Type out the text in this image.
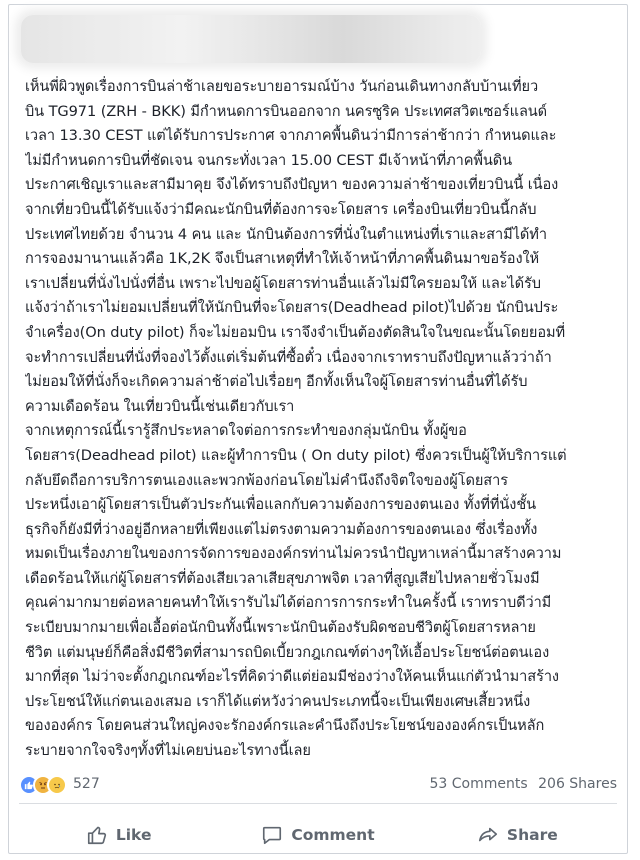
เห็นพี่ผิวพูดเรื่องการบินล่าช้าเลยขอระบายอารมณ์บ้าง วันก่อนเดินทางกลับบ้านเที่ยว
บิน TG971 (ZRH - BKK) มีกำหนดการบินออกจาก นครซูริค ประเทศสวิตเซอร์แลนด์
เวลา 13.30 CEST แต่ได้รับการประกาศ จากภาคพื้นดินว่ามีการล่าช้ากว่า กำหนดและ
ไม่มีกำหนดการบินที่ชัดเจน จนกระทั่งเวลา 15.00 CEST มีเจ้าหน้าที่ภาคพื้นดิน
ประกาศเชิญเราและสามีมาคุย จึงได้ทราบถึงปัญหา ของความล่าช้าของเที่ยวบินนี้ เนื่อง
จากเที่ยวบินนี้ได้รับแจ้งว่ามีคณะนักบินที่ต้องการจะโดยสาร เครื่องบินเที่ยวบินนี้กลับ
ประเทศไทยด้วย จำนวน 4 คน และ นักบินต้องการที่นั่งในตำแหน่งที่เราและสามีได้ทำ
การจองมานานแล้วคือ 1K,2K จึงเป็นสาเหตุที่ทำให้เจ้าหน้าที่ภาคพื้นดินมาขอร้องให้
เราเปลี่ยนที่นั่งไปนั่งที่อื่น เพราะไปขอผู้โดยสารท่านอื่นแล้วไม่มีใครยอมให้ และได้รับ
แจ้งว่าถ้าเราไม่ยอมเปลี่ยนที่ให้นักบินที่จะโดยสาร(Deadhead pilot)ไปด้วย นักบินประ
จำเครื่อง(On duty pilot) ก็จะไม่ยอมบิน เราจึงจำเป็นต้องตัดสินใจในขณะนั้นโดยยอมที่
จะทำการเปลี่ยนที่นั่งที่จองไว้ตั้งแต่เริ่มต้นที่ซื้อตั๋ว เนื่องจากเราทราบถึงปัญหาแล้วว่าถ้า
ไม่ยอมให้ที่นั่งก็จะเกิดความล่าช้าต่อไปเรื่อยๆ อีกทั้งเห็นใจผู้โดยสารท่านอื่นที่ได้รับ
ความเดือดร้อน ในเที่ยวบินนี้เช่นเดียวกับเรา
จากเหตุการณ์นี้เรารู้สึกประหลาดใจต่อการกระทำของกลุ่มนักบิน ทั้งผู้ขอ
โดยสาร(Deadhead pilot) และผู้ทำการบิน ( On duty pilot) ซึ่งควรเป็นผู้ให้บริการแต่
กลับยึดถือการบริการตนเองและพวกพ้องก่อนโดยไม่คำนึงถึงจิตใจของผู้โดยสาร
ประหนึ่งเอาผู้โดยสารเป็นตัวประกันเพื่อแลกกับความต้องการของตนเอง ทั้งที่ที่นั่งชั้น
ธุรกิจก็ยังมีที่ว่างอยู่อีกหลายที่เพียงแต่ไม่ตรงตามความต้องการของตนเอง ซึ่งเรื่องทั้ง
หมดเป็นเรื่องภายในของการจัดการขององค์กรท่านไม่ควรนำปัญหาเหล่านี้มาสร้างความ
เดือดร้อนให้แก่ผู้โดยสารที่ต้องเสียเวลาเสียสุขภาพจิต เวลาที่สูญเสียไปหลายชั่วโมงมี
คุณค่ามากมายต่อหลายคนทำให้เรารับไม่ได้ต่อการการกระทำในครั้งนี้ เราทราบดีว่ามี
ระเบียบมากมายเพื่อเอื้อต่อนักบินทั้งนี้เพราะนักบินต้องรับผิดชอบชีวิตผู้โดยสารหลาย
ชีวิต แต่มนุษย์ก็คือสิ่งมีชีวิตที่สามารถบิดเบี้ยวกฎเกณฑ์ต่างๆให้เอื้อประโยชน์ต่อตนเอง
มากที่สุด ไม่ว่าจะตั้งกฎเกณฑ์อะไรที่คิดว่าดีแต่ย่อมมีช่องว่างให้คนเห็นแก่ตัวนำมาสร้าง
ประโยชน์ให้แก่ตนเองเสมอ เราก็ได้แต่หวังว่าคนประเภทนี้จะเป็นเพียงเศษเสี้ยวหนึ่ง
ขององค์กร โดยคนส่วนใหญ่คงจะรักองค์กรและคำนึงถึงประโยชน์ขององค์กรเป็นหลัก
ระบายจากใจจริงๆทั้งที่ไม่เคยบ่นอะไรทางนี้เลย
527	53 Comments 206 Shares
Like	Comment	Share
